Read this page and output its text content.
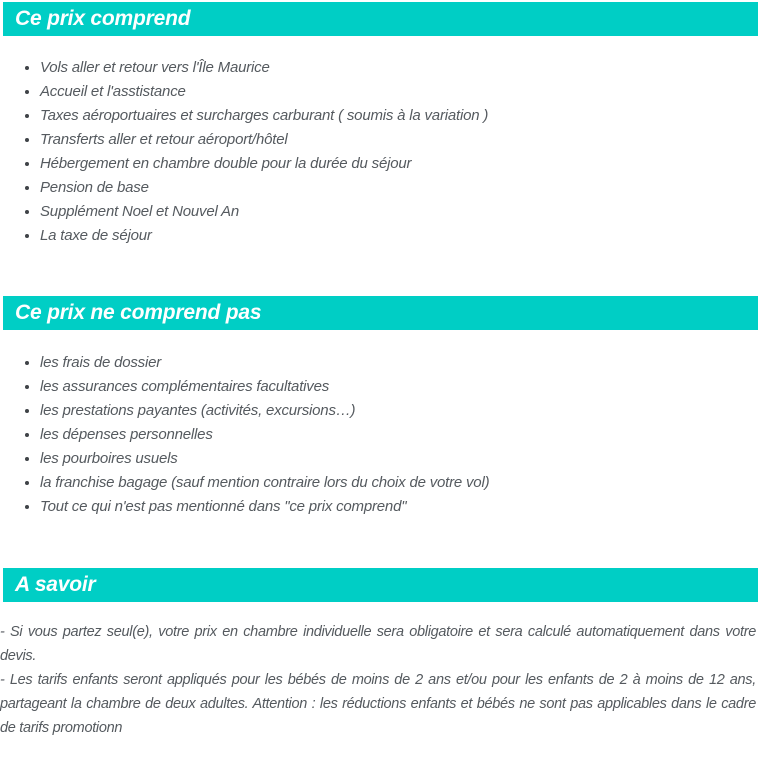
Ce prix comprend
• Vols aller et retour vers l'Île Maurice
• Accueil et l'asstistance
• Taxes aéroportuaires et surcharges carburant ( soumis à la variation )
• Transferts aller et retour aéroport/hôtel
• Hébergement en chambre double pour la durée du séjour
• Pension de base
• Supplément Noel et Nouvel An
• La taxe de séjour
Ce prix ne comprend pas
• les frais de dossier
• les assurances complémentaires facultatives
• les prestations payantes (activités, excursions…)
• les dépenses personnelles
• les pourboires usuels
• la franchise bagage (sauf mention contraire lors du choix de votre vol)
• Tout ce qui n'est pas mentionné dans "ce prix comprend"
A savoir

- Si vous partez seul(e), votre prix en chambre individuelle sera obligatoire et sera calculé automatiquement dans votre devis.

- Les tarifs enfants seront appliqués pour les bébés de moins de 2 ans et/ou pour les enfants de 2 à moins de 12 ans, partageant la chambre de deux adultes. Attention : les réductions enfants et bébés ne sont pas applicables dans le cadre de tarifs promotionn
